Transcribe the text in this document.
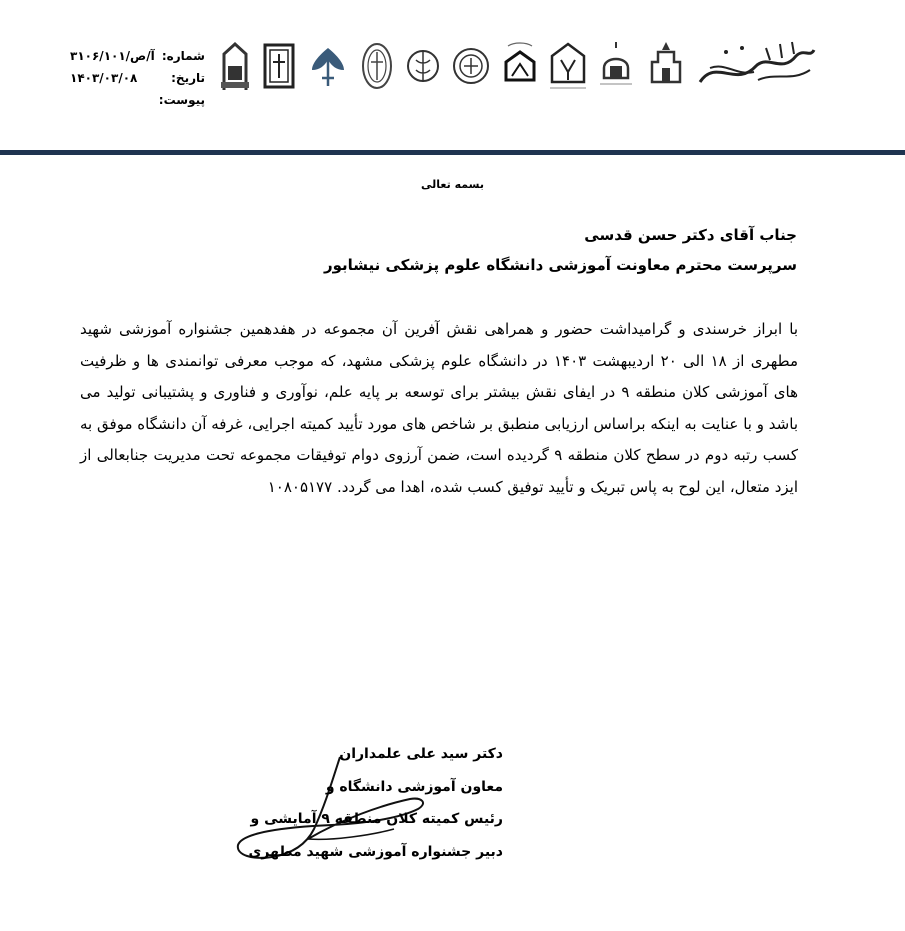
شماره:
۳۱۰۶/آ/ص/۱۰۱
تاریخ:
۱۴۰۳/۰۳/۰۸
پیوست:
بسمه تعالی
جناب آقای دکتر حسن قدسی
سرپرست محترم معاونت آموزشی دانشگاه علوم پزشکی نیشابور
با ابراز خرسندی و گرامیداشت حضور و همراهی نقش آفرین آن مجموعه در هفدهمین جشنواره آموزشی شهید مطهری از ۱۸ الی ۲۰ اردیبهشت ۱۴۰۳ در دانشگاه علوم پزشکی مشهد، که موجب معرفی توانمندی ها و ظرفیت های آموزشی کلان منطقه ۹ در ایفای نقش بیشتر برای توسعه بر پایه علم، نوآوری و فناوری و پشتیبانی تولید می باشد و با عنایت به اینکه براساس ارزیابی منطبق بر شاخص های مورد تأیید کمیته اجرایی، غرفه آن دانشگاه موفق به کسب رتبه دوم در سطح کلان منطقه ۹ گردیده است، ضمن آرزوی دوام توفیقات مجموعه تحت مدیریت جنابعالی از ایزد متعال، این لوح به پاس تبریک و تأیید توفیق کسب شده، اهدا می گردد. ۱۰۸۰۵۱۷۷
دکتر سید علی علمداران
معاون آموزشی دانشگاه و
رئیس کمیته کلان منطقه ۹ آمایشی و
دبیر جشنواره آموزشی شهید مطهری
